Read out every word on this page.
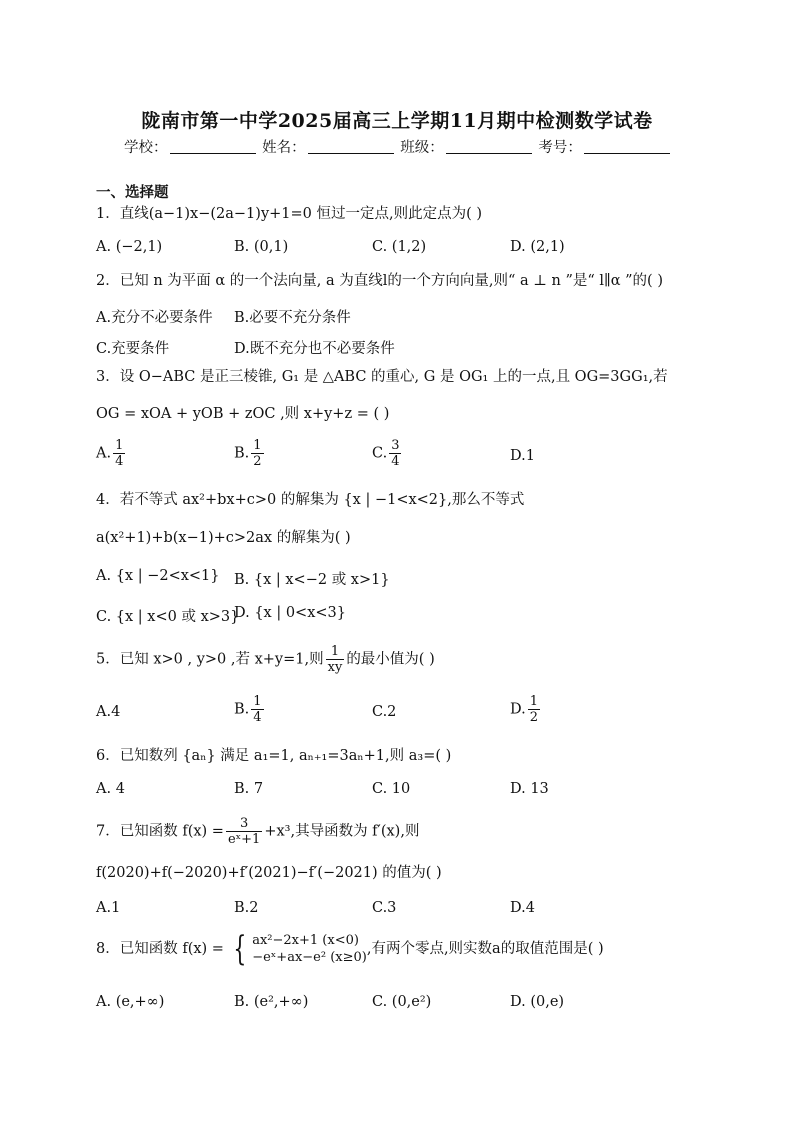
陇南市第一中学2025届高三上学期11月期中检测数学试卷
学校：	姓名：	班级：	考号：
一、选择题
1．直线(a−1)x−(2a−1)y+1=0 恒过一定点,则此定点为( )
A. (−2,1)	B. (0,1)	C. (1,2)	D. (2,1)
2．已知 n 为平面 α 的一个法向量, a 为直线l的一个方向向量,则“ a ⊥ n ”是“ l∥α ”的( )
A.充分不必要条件 B.必要不充分条件
C.充要条件	D.既不充分也不必要条件
3．设 O−ABC 是正三棱锥, G₁ 是 △ABC 的重心, G 是 OG₁ 上的一点,且 OG=3GG₁,若
OG = xOA + yOB + zOC ,则 x+y+z = ( )
A. $\frac{1}{4}$	B. $\frac{1}{2}$	C. $\frac{3}{4}$	D.1
4．若不等式 ax²+bx+c>0 的解集为 {x | −1<x<2},那么不等式
a(x²+1)+b(x−1)+c>2ax 的解集为( )
A. {x | −2<x<1} B. {x | x<−2 或 x>1}
C. {x | x<0 或 x>3}
D. {x | 0<x<3}
5．已知 x>0 , y>0 ,若 x+y=1,则 $\frac{1}{xy}$ 的最小值为( )
A.4	B. $\frac{1}{4}$	C.2	D. $\frac{1}{2}$
6．已知数列 {aₙ} 满足 a₁=1, aₙ₊₁=3aₙ+1,则 a₃=( )
A. 4	B. 7	C. 10	D. 13
7．已知函数 $f(x) = \frac{3}{\text{eˣ+1}} +x^3$,其导函数为 f′(x),则
f(2020)+f(−2020)+f′(2021)−f′(−2021) 的值为( )
A.1	B.2	C.3	D.4
8．已知函数 f(x) = { ax²−2x+1 (x<0)
−eˣ+ax−e² (x≥0)
,有两个零点,则实数a的取值范围是( )
A. (e,+∞)	B. (e²,+∞)	C. (0,e²)	D. (0,e)
